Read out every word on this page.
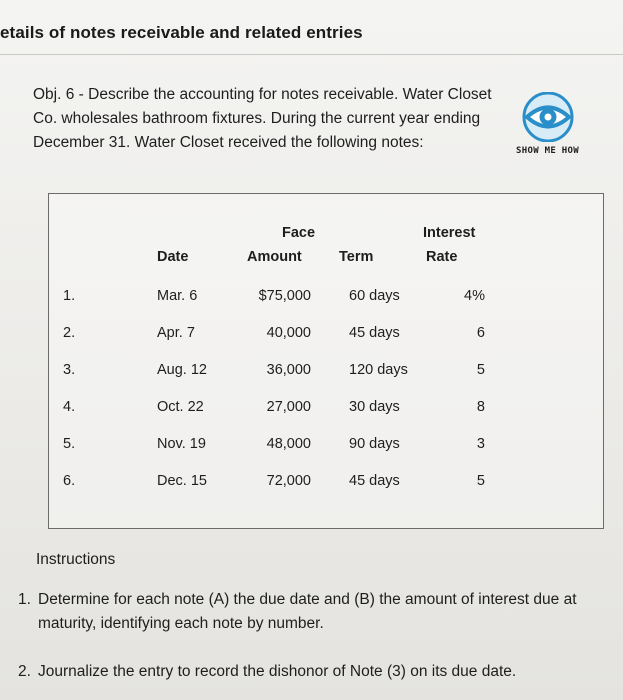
etails of notes receivable and related entries

Obj. 6 - Describe the accounting for notes receivable. Water Closet Co. wholesales bathroom fixtures. During the current year ending December 31. Water Closet received the following notes:	SHOW ME HOW
Face	Interest
Date	Amount	Term	Rate
1.	Mar. 6	$75,000	60 days	4%
2.	Apr. 7	40,000	45 days	6
3.	Aug. 12	36,000	120 days	5
4.	Oct. 22	27,000	30 days	8
5.	Nov. 19	48,000	90 days	3
6.	Dec. 15	72,000	45 days	5

Instructions

1. Determine for each note (A) the due date and (B) the amount of interest due at maturity, identifying each note by number.
2. Journalize the entry to record the dishonor of Note (3) on its due date.
